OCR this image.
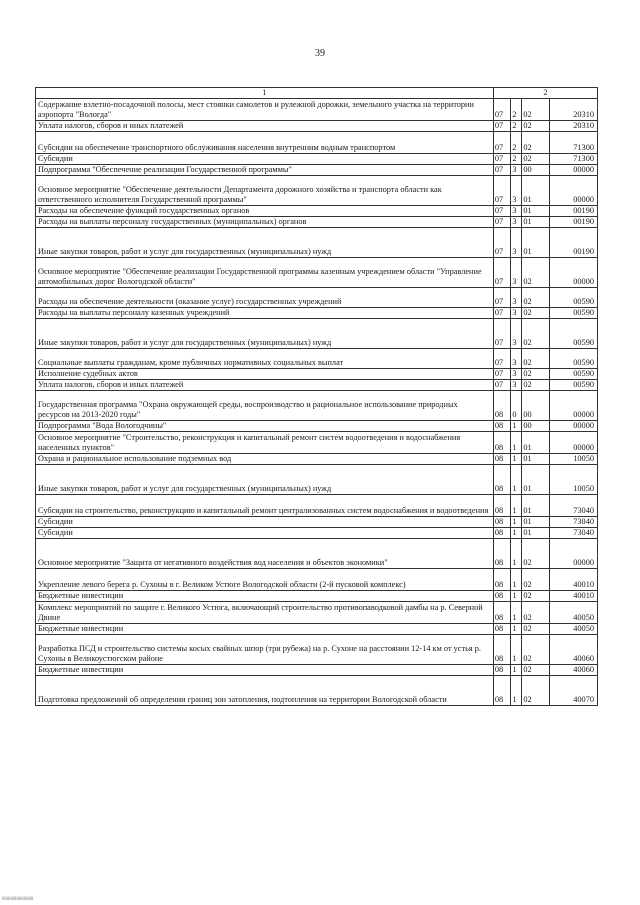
39
1	2			
Содержание взлетно-посадочной полосы, мест стоянки самолетов и рулежной дорожки, земельного участка на территории аэропорта "Вологда"	07	2	02	20310
Уплата налогов, сборов и иных платежей	07	2	02	20310
Субсидии на обеспечение транспортного обслуживания населения внутренним водным транспортом	07	2	02	71300
Субсидии	07	2	02	71300
Подпрограмма "Обеспечение реализации Государственной программы"	07	3	00	00000
Основное мероприятие "Обеспечение деятельности Департамента дорожного хозяйства и транспорта области как ответственного исполнителя Государственной программы"	07	3	01	00000
Расходы на обеспечение функций государственных органов	07	3	01	00190
Расходы на выплаты персоналу государственных (муниципальных) органов	07	3	01	00190
Иные закупки товаров, работ и услуг для государственных (муниципальных) нужд	07	3	01	00190
Основное мероприятие "Обеспечение реализации Государственной программы казенным учреждением области "Управление автомобильных дорог Вологодской области"	07	3	02	00000
Расходы на обеспечение деятельности (оказание услуг) государственных учреждений	07	3	02	00590
Расходы на выплаты персоналу казенных учреждений	07	3	02	00590
Иные закупки товаров, работ и услуг для государственных (муниципальных) нужд	07	3	02	00590
Социальные выплаты гражданам, кроме публичных нормативных социальных выплат	07	3	02	00590
Исполнение судебных актов	07	3	02	00590
Уплата налогов, сборов и иных платежей	07	3	02	00590
Государственная программа "Охрана окружающей среды, воспроизводство и рациональное использование природных ресурсов на 2013-2020 годы"	08	0	00	00000
Подпрограмма "Вода Вологодчины"	08	1	00	00000
Основное мероприятие "Строительство, реконструкция и капитальный ремонт систем водоотведения и водоснабжения населенных пунктов"	08	1	01	00000
Охрана и рациональное использование подземных вод	08	1	01	10050
Иные закупки товаров, работ и услуг для государственных (муниципальных) нужд	08	1	01	10050
Субсидии на строительство, реконструкцию и капитальный ремонт централизованных систем водоснабжения и водоотведения	08	1	01	73040
Субсидии	08	1	01	73040
Субсидии	08	1	01	73040
Основное мероприятие "Защита от негативного воздействия вод населения и объектов экономики"	08	1	02	00000
Укрепление левого берега р. Сухоны в г. Великом Устюге Вологодской области (2-й пусковой комплекс)	08	1	02	40010
Бюджетные инвестиции	08	1	02	40010
Комплекс мероприятий по защите г. Великого Устюга, включающий строительство противопаводковой дамбы на р. Северной Двине	08	1	02	40050
Бюджетные инвестиции	08	1	02	40050
Разработка ПСД и строительство системы косых свайных шпор (три рубежа) на р. Сухоне на расстоянии 12-14 км от устья р. Сухоны в Великоустюгском районе	08	1	02	40060
Бюджетные инвестиции	08	1	02	40060
Подготовка предложений об определении границ зон затопления, подтопления на территории Вологодской области	08	1	02	40070
0000000000000
